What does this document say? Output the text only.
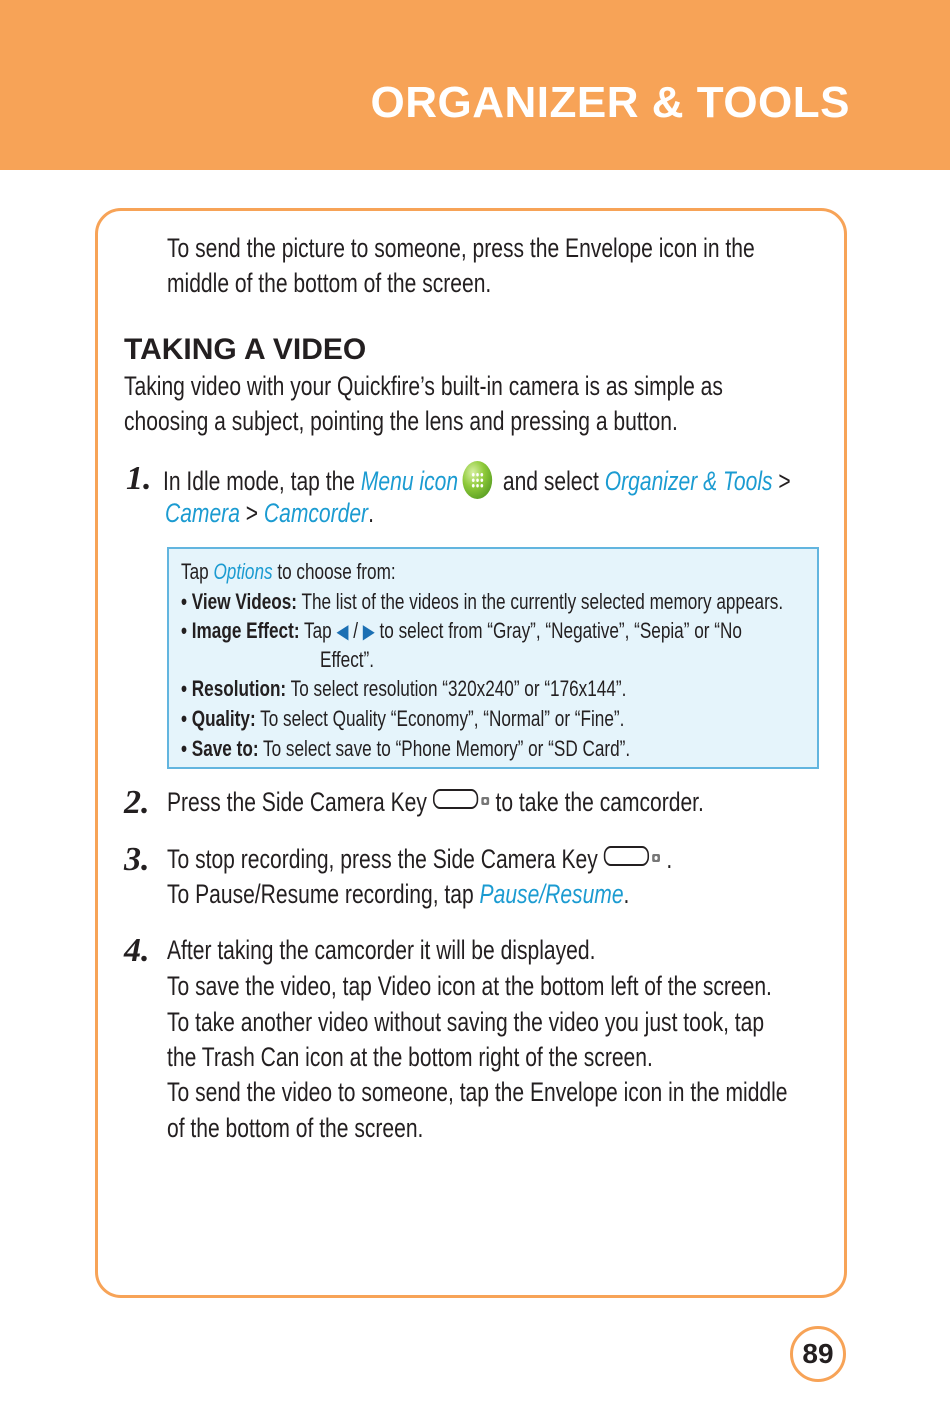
ORGANIZER & TOOLS
To send the picture to someone, press the Envelope icon in the
middle of the bottom of the screen.
TAKING A VIDEO
Taking video with your Quickfire’s built-in camera is as simple as
choosing a subject, pointing the lens and pressing a button.
1. In Idle mode, tap the Menu icon and select Organizer & Tools >
Camera > Camcorder.
Tap Options to choose from:
• View Videos: The list of the videos in the currently selected memory appears.
• Image Effect: Tap ◀ / ▶ to select from “Gray”, “Negative”, “Sepia” or “No
Effect”.
• Resolution: To select resolution “320x240” or “176x144”.
• Quality: To select Quality “Economy”, “Normal” or “Fine”.
• Save to: To select save to “Phone Memory” or “SD Card”.
2. Press the Side Camera Key	to take the camcorder.
3. To stop recording, press the Side Camera Key	.
To Pause/Resume recording, tap Pause/Resume.
4. After taking the camcorder it will be displayed.
To save the video, tap Video icon at the bottom left of the screen.
To take another video without saving the video you just took, tap
the Trash Can icon at the bottom right of the screen.
To send the video to someone, tap the Envelope icon in the middle
of the bottom of the screen.
89
